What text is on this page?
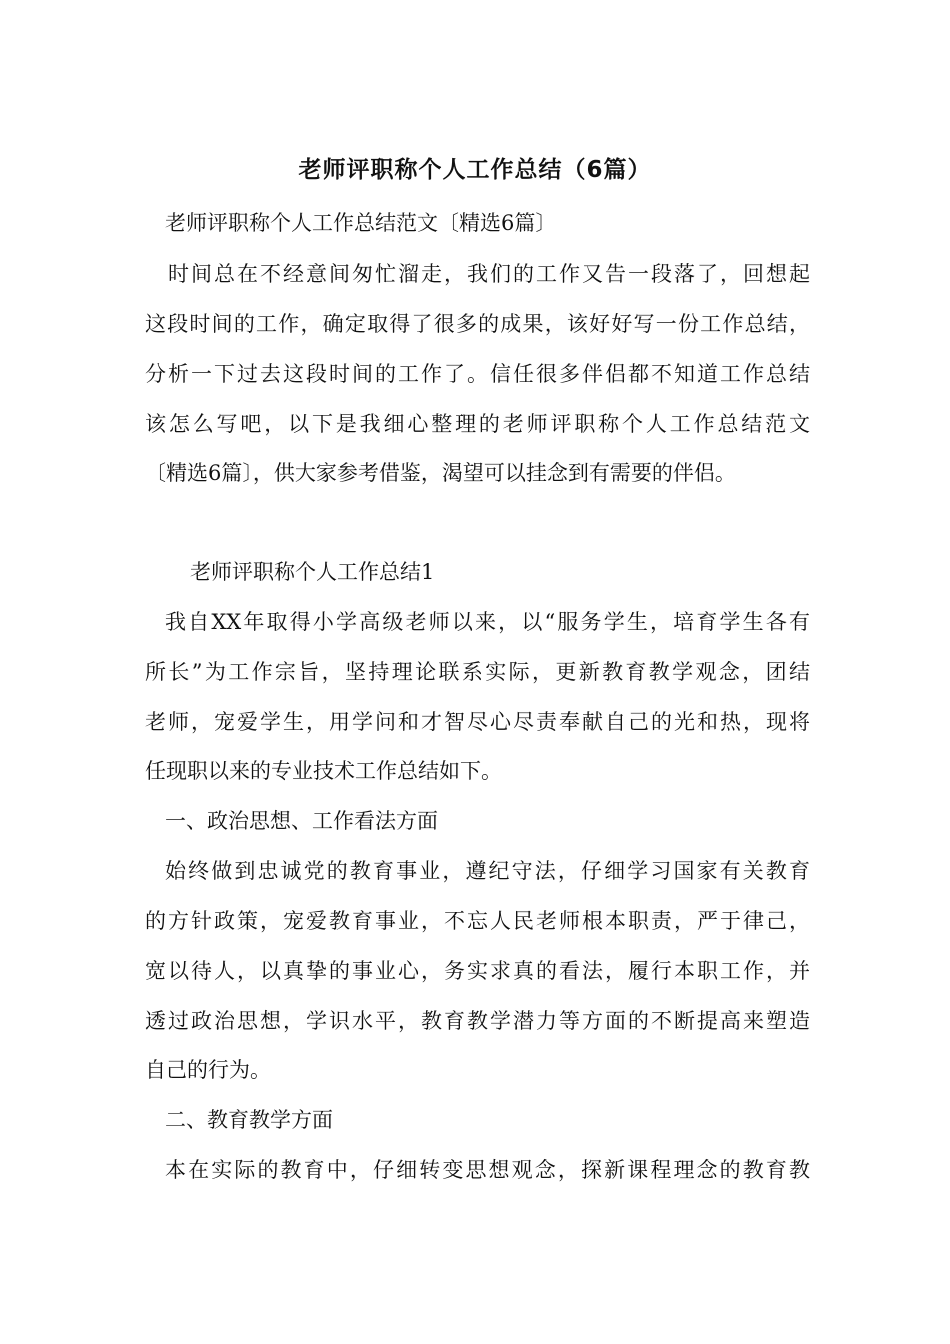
老师评职称个人工作总结（6篇）
老师评职称个人工作总结范文〔精选6篇〕
　时间总在不经意间匆忙溜走，我们的工作又告一段落了，回想起
这段时间的工作，确定取得了很多的成果，该好好写一份工作总结，
分析一下过去这段时间的工作了。信任很多伴侣都不知道工作总结
该怎么写吧，以下是我细心整理的老师评职称个人工作总结范文
〔精选6篇〕，供大家参考借鉴，渴望可以挂念到有需要的伴侣。
老师评职称个人工作总结1
我自XX年取得小学高级老师以来，以“服务学生，培育学生各有
所长”为工作宗旨，坚持理论联系实际，更新教育教学观念，团结
老师，宠爱学生，用学问和才智尽心尽责奉献自己的光和热，现将
任现职以来的专业技术工作总结如下。
一、政治思想、工作看法方面
始终做到忠诚党的教育事业，遵纪守法，仔细学习国家有关教育
的方针政策，宠爱教育事业，不忘人民老师根本职责，严于律己，
宽以待人，以真挚的事业心，务实求真的看法，履行本职工作，并
透过政治思想，学识水平，教育教学潜力等方面的不断提高来塑造
自己的行为。
二、教育教学方面
本在实际的教育中，仔细转变思想观念，探新课程理念的教育教
